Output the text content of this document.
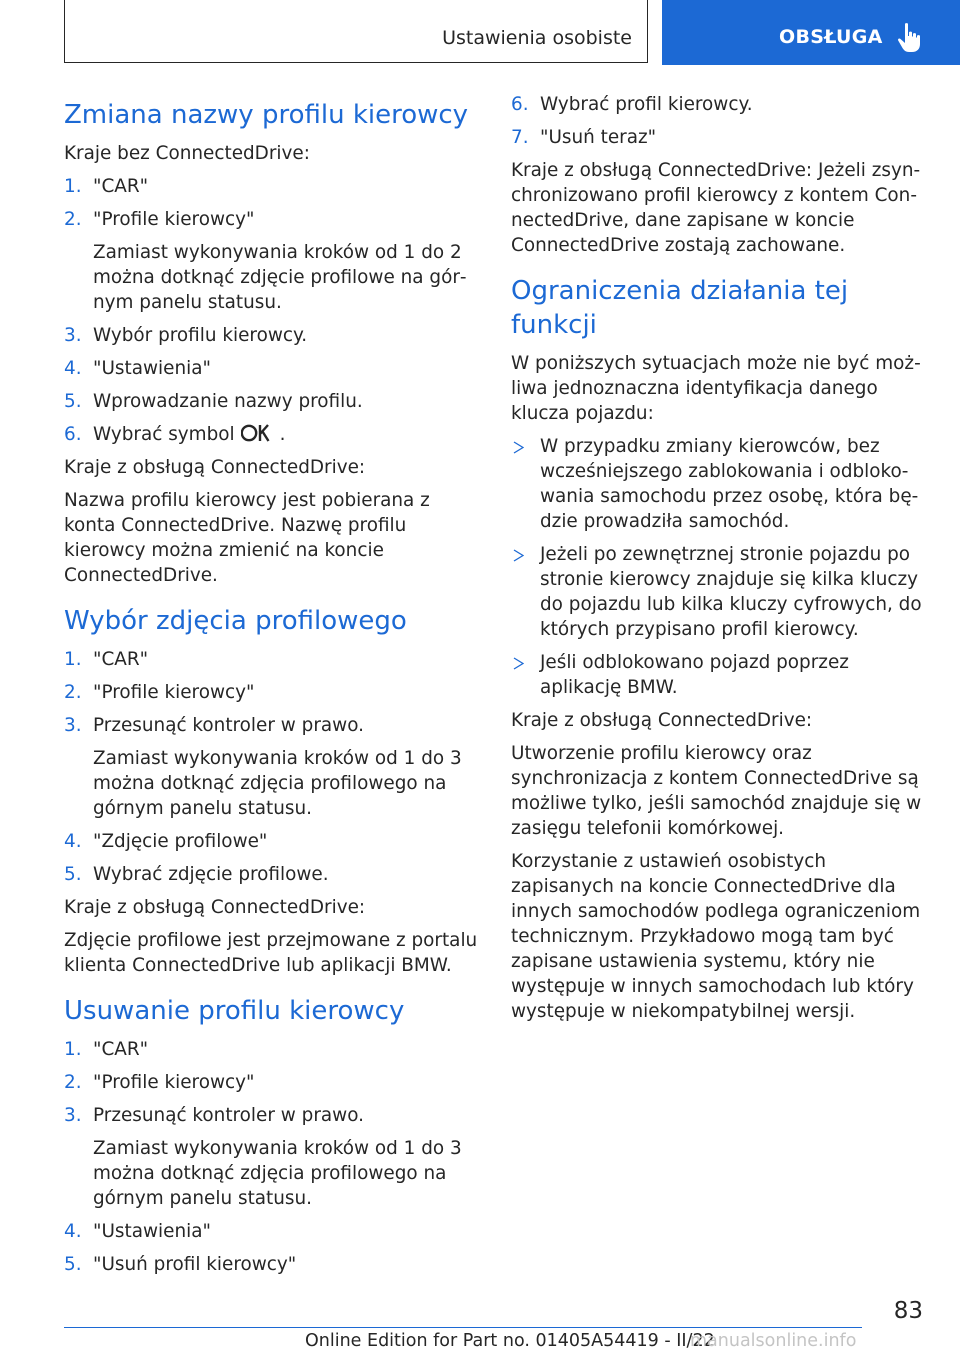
Ustawienia osobiste	OBSŁUGA
Zmiana nazwy profilu kierowcy

Kraje bez ConnectedDrive:

1. "CAR"
2. "Profile kierowcy"
Zamiast wykonywania kroków od 1 do 2 można dotknąć zdjęcie profilowe na górnym panelu statusu.
3. Wybór profilu kierowcy.
4. "Ustawienia"
5. Wprowadzanie nazwy profilu.
6. Wybrać symbol .

Kraje z obsługą ConnectedDrive:

Nazwa profilu kierowcy jest pobierana z konta ConnectedDrive. Nazwę profilu kierowcy można zmienić na koncie ConnectedDrive.

Wybór zdjęcia profilowego
1. "CAR"
2. "Profile kierowcy"
3. Przesunąć kontroler w prawo.
Zamiast wykonywania kroków od 1 do 3 można dotknąć zdjęcia profilowego na górnym panelu statusu.
4. "Zdjęcie profilowe"
5. Wybrać zdjęcie profilowe.

Kraje z obsługą ConnectedDrive:

Zdjęcie profilowe jest przejmowane z portalu klienta ConnectedDrive lub aplikacji BMW.

Usuwanie profilu kierowcy
1. "CAR"
2. "Profile kierowcy"
3. Przesunąć kontroler w prawo.
Zamiast wykonywania kroków od 1 do 3 można dotknąć zdjęcia profilowego na górnym panelu statusu.
4. "Ustawienia"
5. "Usuń profil kierowcy"
6. Wybrać profil kierowcy.
7. "Usuń teraz"

Kraje z obsługą ConnectedDrive: Jeżeli zsynchronizowano profil kierowcy z kontem ConnectedDrive, dane zapisane w koncie ConnectedDrive zostają zachowane.

Ograniczenia działania tej funkcji

W poniższych sytuacjach może nie być możliwa jednoznaczna identyfikacja danego klucza pojazdu:

W przypadku zmiany kierowców, bez wcześniejszego zablokowania i odblokowania samochodu przez osobę, która będzie prowadziła samochód.
Jeżeli po zewnętrznej stronie pojazdu po stronie kierowcy znajduje się kilka kluczy do pojazdu lub kilka kluczy cyfrowych, do których przypisano profil kierowcy.
Jeśli odblokowano pojazd poprzez aplikację BMW.

Kraje z obsługą ConnectedDrive:

Utworzenie profilu kierowcy oraz synchronizacja z kontem ConnectedDrive są możliwe tylko, jeśli samochód znajduje się w zasięgu telefonii komórkowej.

Korzystanie z ustawień osobistych zapisanych na koncie ConnectedDrive dla innych samochodów podlega ograniczeniom technicznym. Przykładowo mogą tam być zapisane ustawienia systemu, który nie występuje w innych samochodach lub który występuje w niekompatybilnej wersji.

83
Online Edition for Part no. 01405A54419 - II/22
manualsonline.info
